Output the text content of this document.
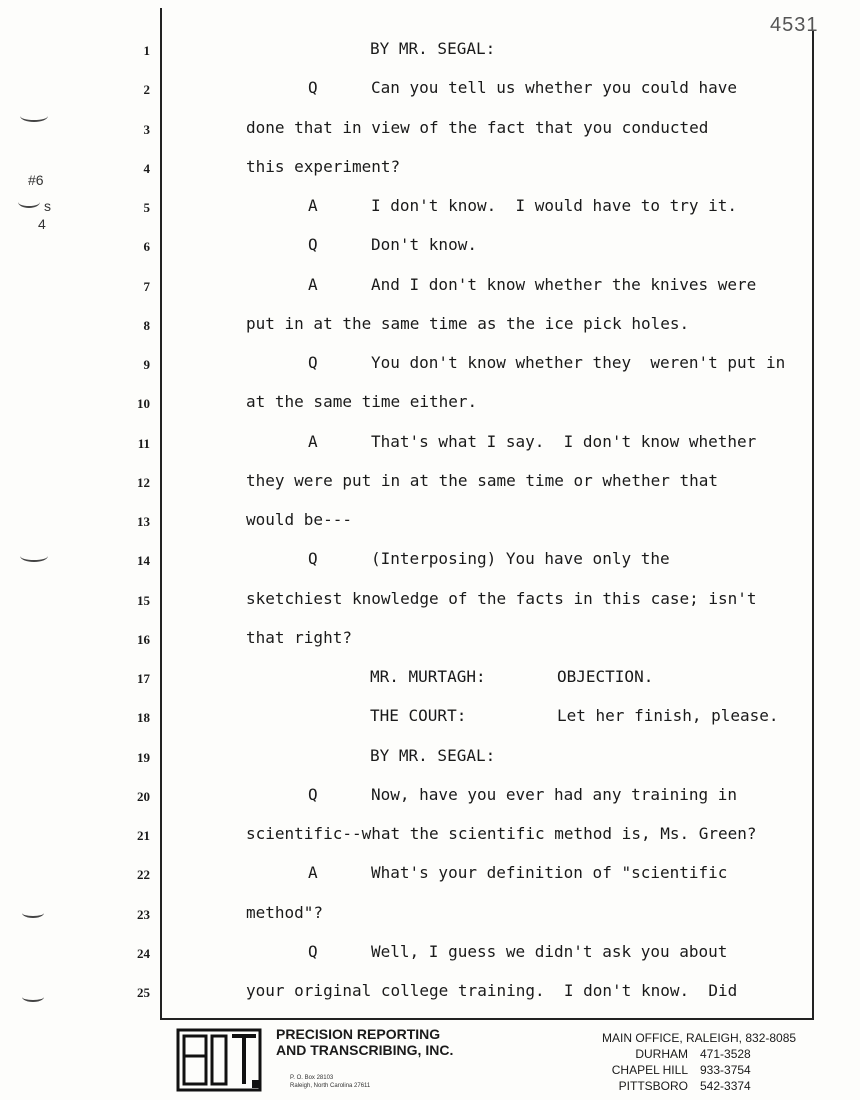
4531
#6
s
4
1	BY MR. SEGAL:
2	Q	Can you tell us whether you could have
3	done that in view of the fact that you conducted
4	this experiment?
5	A	I don't know.  I would have to try it.
6	Q	Don't know.
7	A	And I don't know whether the knives were
8	put in at the same time as the ice pick holes.
9	Q	You don't know whether they  weren't put in
10	at the same time either.
11	A	That's what I say.  I don't know whether
12	they were put in at the same time or whether that
13	would be---
14	Q	(Interposing) You have only the
15	sketchiest knowledge of the facts in this case; isn't
16	that right?
17	MR. MURTAGH:	OBJECTION.
18	THE COURT:	Let her finish, please.
19	BY MR. SEGAL:
20	Q	Now, have you ever had any training in
21	scientific--what the scientific method is, Ms. Green?
22	A	What's your definition of "scientific
23	method"?
24	Q	Well, I guess we didn't ask you about
25	your original college training.  I don't know.  Did
PRECISION REPORTING
AND TRANSCRIBING, INC.
P. O. Box 28103
Raleigh, North Carolina 27611
MAIN OFFICE, RALEIGH, 832-8085
DURHAM	471-3528
CHAPEL HILL	933-3754
PITTSBORO	542-3374
